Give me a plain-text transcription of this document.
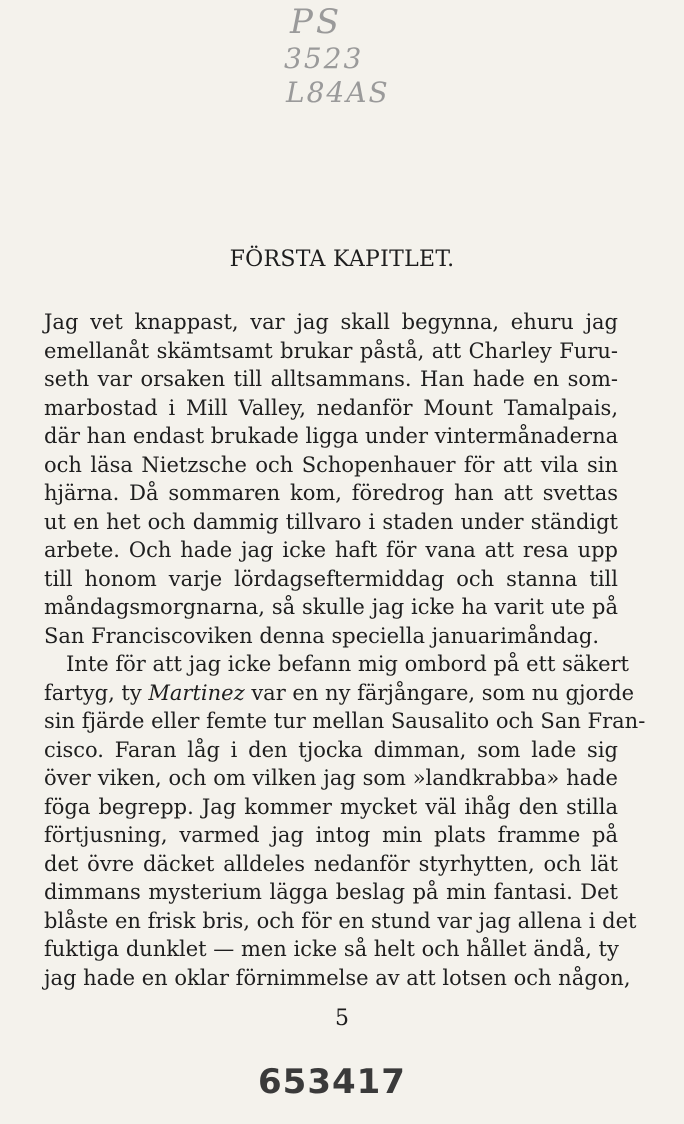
PS
3523
L84AS
FÖRSTA KAPITLET.
Jag vet knappast, var jag skall begynna, ehuru jag
emellanåt skämtsamt brukar påstå, att Charley Furu-
seth var orsaken till alltsammans. Han hade en som-
marbostad i Mill Valley, nedanför Mount Tamalpais,
där han endast brukade ligga under vintermånaderna
och läsa Nietzsche och Schopenhauer för att vila sin
hjärna. Då sommaren kom, föredrog han att svettas
ut en het och dammig tillvaro i staden under ständigt
arbete. Och hade jag icke haft för vana att resa upp
till honom varje lördagseftermiddag och stanna till
måndagsmorgnarna, så skulle jag icke ha varit ute på
San Franciscoviken denna speciella januarimåndag.
Inte för att jag icke befann mig ombord på ett säkert
fartyg, ty Martinez var en ny färjångare, som nu gjorde
sin fjärde eller femte tur mellan Sausalito och San Fran-
cisco. Faran låg i den tjocka dimman, som lade sig
över viken, och om vilken jag som »landkrabba» hade
föga begrepp. Jag kommer mycket väl ihåg den stilla
förtjusning, varmed jag intog min plats framme på
det övre däcket alldeles nedanför styrhytten, och lät
dimmans mysterium lägga beslag på min fantasi. Det
blåste en frisk bris, och för en stund var jag allena i det
fuktiga dunklet — men icke så helt och hållet ändå, ty
jag hade en oklar förnimmelse av att lotsen och någon,
5
653417
